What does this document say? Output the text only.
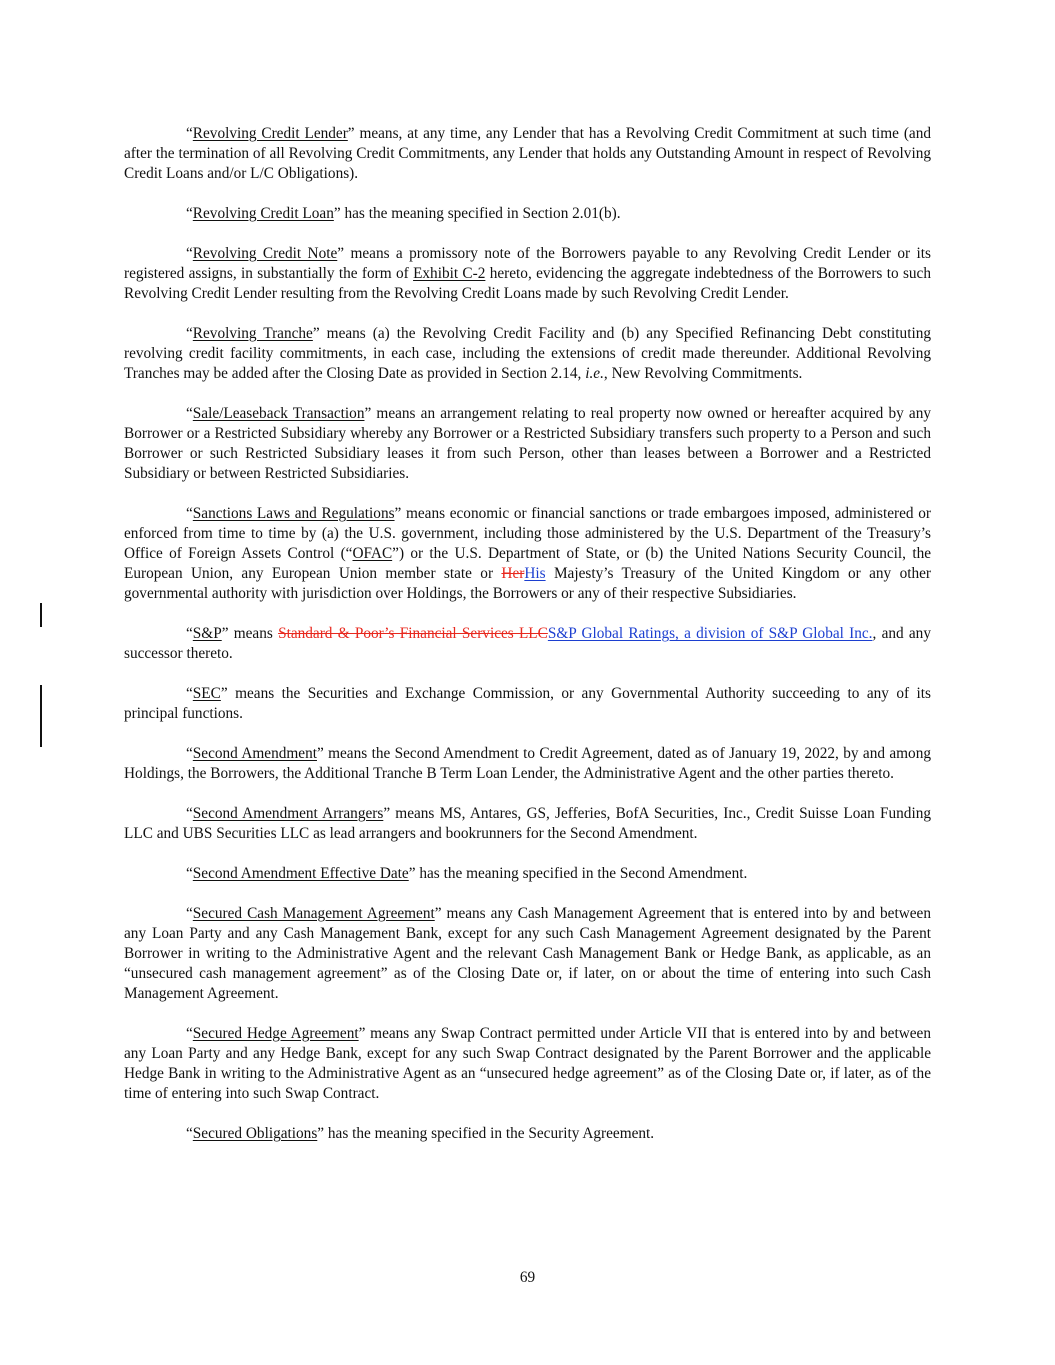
“Revolving Credit Lender” means, at any time, any Lender that has a Revolving Credit Commitment at such time (and after the termination of all Revolving Credit Commitments, any Lender that holds any Outstanding Amount in respect of Revolving Credit Loans and/or L/C Obligations).

“Revolving Credit Loan” has the meaning specified in Section 2.01(b).

“Revolving Credit Note” means a promissory note of the Borrowers payable to any Revolving Credit Lender or its registered assigns, in substantially the form of Exhibit C-2 hereto, evidencing the aggregate indebtedness of the Borrowers to such Revolving Credit Lender resulting from the Revolving Credit Loans made by such Revolving Credit Lender.

“Revolving Tranche” means (a) the Revolving Credit Facility and (b) any Specified Refinancing Debt constituting revolving credit facility commitments, in each case, including the extensions of credit made thereunder. Additional Revolving Tranches may be added after the Closing Date as provided in Section 2.14, i.e., New Revolving Commitments.

“Sale/Leaseback Transaction” means an arrangement relating to real property now owned or hereafter acquired by any Borrower or a Restricted Subsidiary whereby any Borrower or a Restricted Subsidiary transfers such property to a Person and such Borrower or such Restricted Subsidiary leases it from such Person, other than leases between a Borrower and a Restricted Subsidiary or between Restricted Subsidiaries.

“Sanctions Laws and Regulations” means economic or financial sanctions or trade embargoes imposed, administered or enforced from time to time by (a) the U.S. government, including those administered by the U.S. Department of the Treasury’s Office of Foreign Assets Control (“OFAC”) or the U.S. Department of State, or (b) the United Nations Security Council, the European Union, any European Union member state or HerHis Majesty’s Treasury of the United Kingdom or any other governmental authority with jurisdiction over Holdings, the Borrowers or any of their respective Subsidiaries.

“S&P” means Standard & Poor’s Financial Services LLCS&P Global Ratings, a division of S&P Global Inc., and any successor thereto.

“SEC” means the Securities and Exchange Commission, or any Governmental Authority succeeding to any of its principal functions.

“Second Amendment” means the Second Amendment to Credit Agreement, dated as of January 19, 2022, by and among Holdings, the Borrowers, the Additional Tranche B Term Loan Lender, the Administrative Agent and the other parties thereto.

“Second Amendment Arrangers” means MS, Antares, GS, Jefferies, BofA Securities, Inc., Credit Suisse Loan Funding LLC and UBS Securities LLC as lead arrangers and bookrunners for the Second Amendment.

“Second Amendment Effective Date” has the meaning specified in the Second Amendment.

“Secured Cash Management Agreement” means any Cash Management Agreement that is entered into by and between any Loan Party and any Cash Management Bank, except for any such Cash Management Agreement designated by the Parent Borrower in writing to the Administrative Agent and the relevant Cash Management Bank or Hedge Bank, as applicable, as an “unsecured cash management agreement” as of the Closing Date or, if later, on or about the time of entering into such Cash Management Agreement.

“Secured Hedge Agreement” means any Swap Contract permitted under Article VII that is entered into by and between any Loan Party and any Hedge Bank, except for any such Swap Contract designated by the Parent Borrower and the applicable Hedge Bank in writing to the Administrative Agent as an “unsecured hedge agreement” as of the Closing Date or, if later, as of the time of entering into such Swap Contract.

“Secured Obligations” has the meaning specified in the Security Agreement.

69
